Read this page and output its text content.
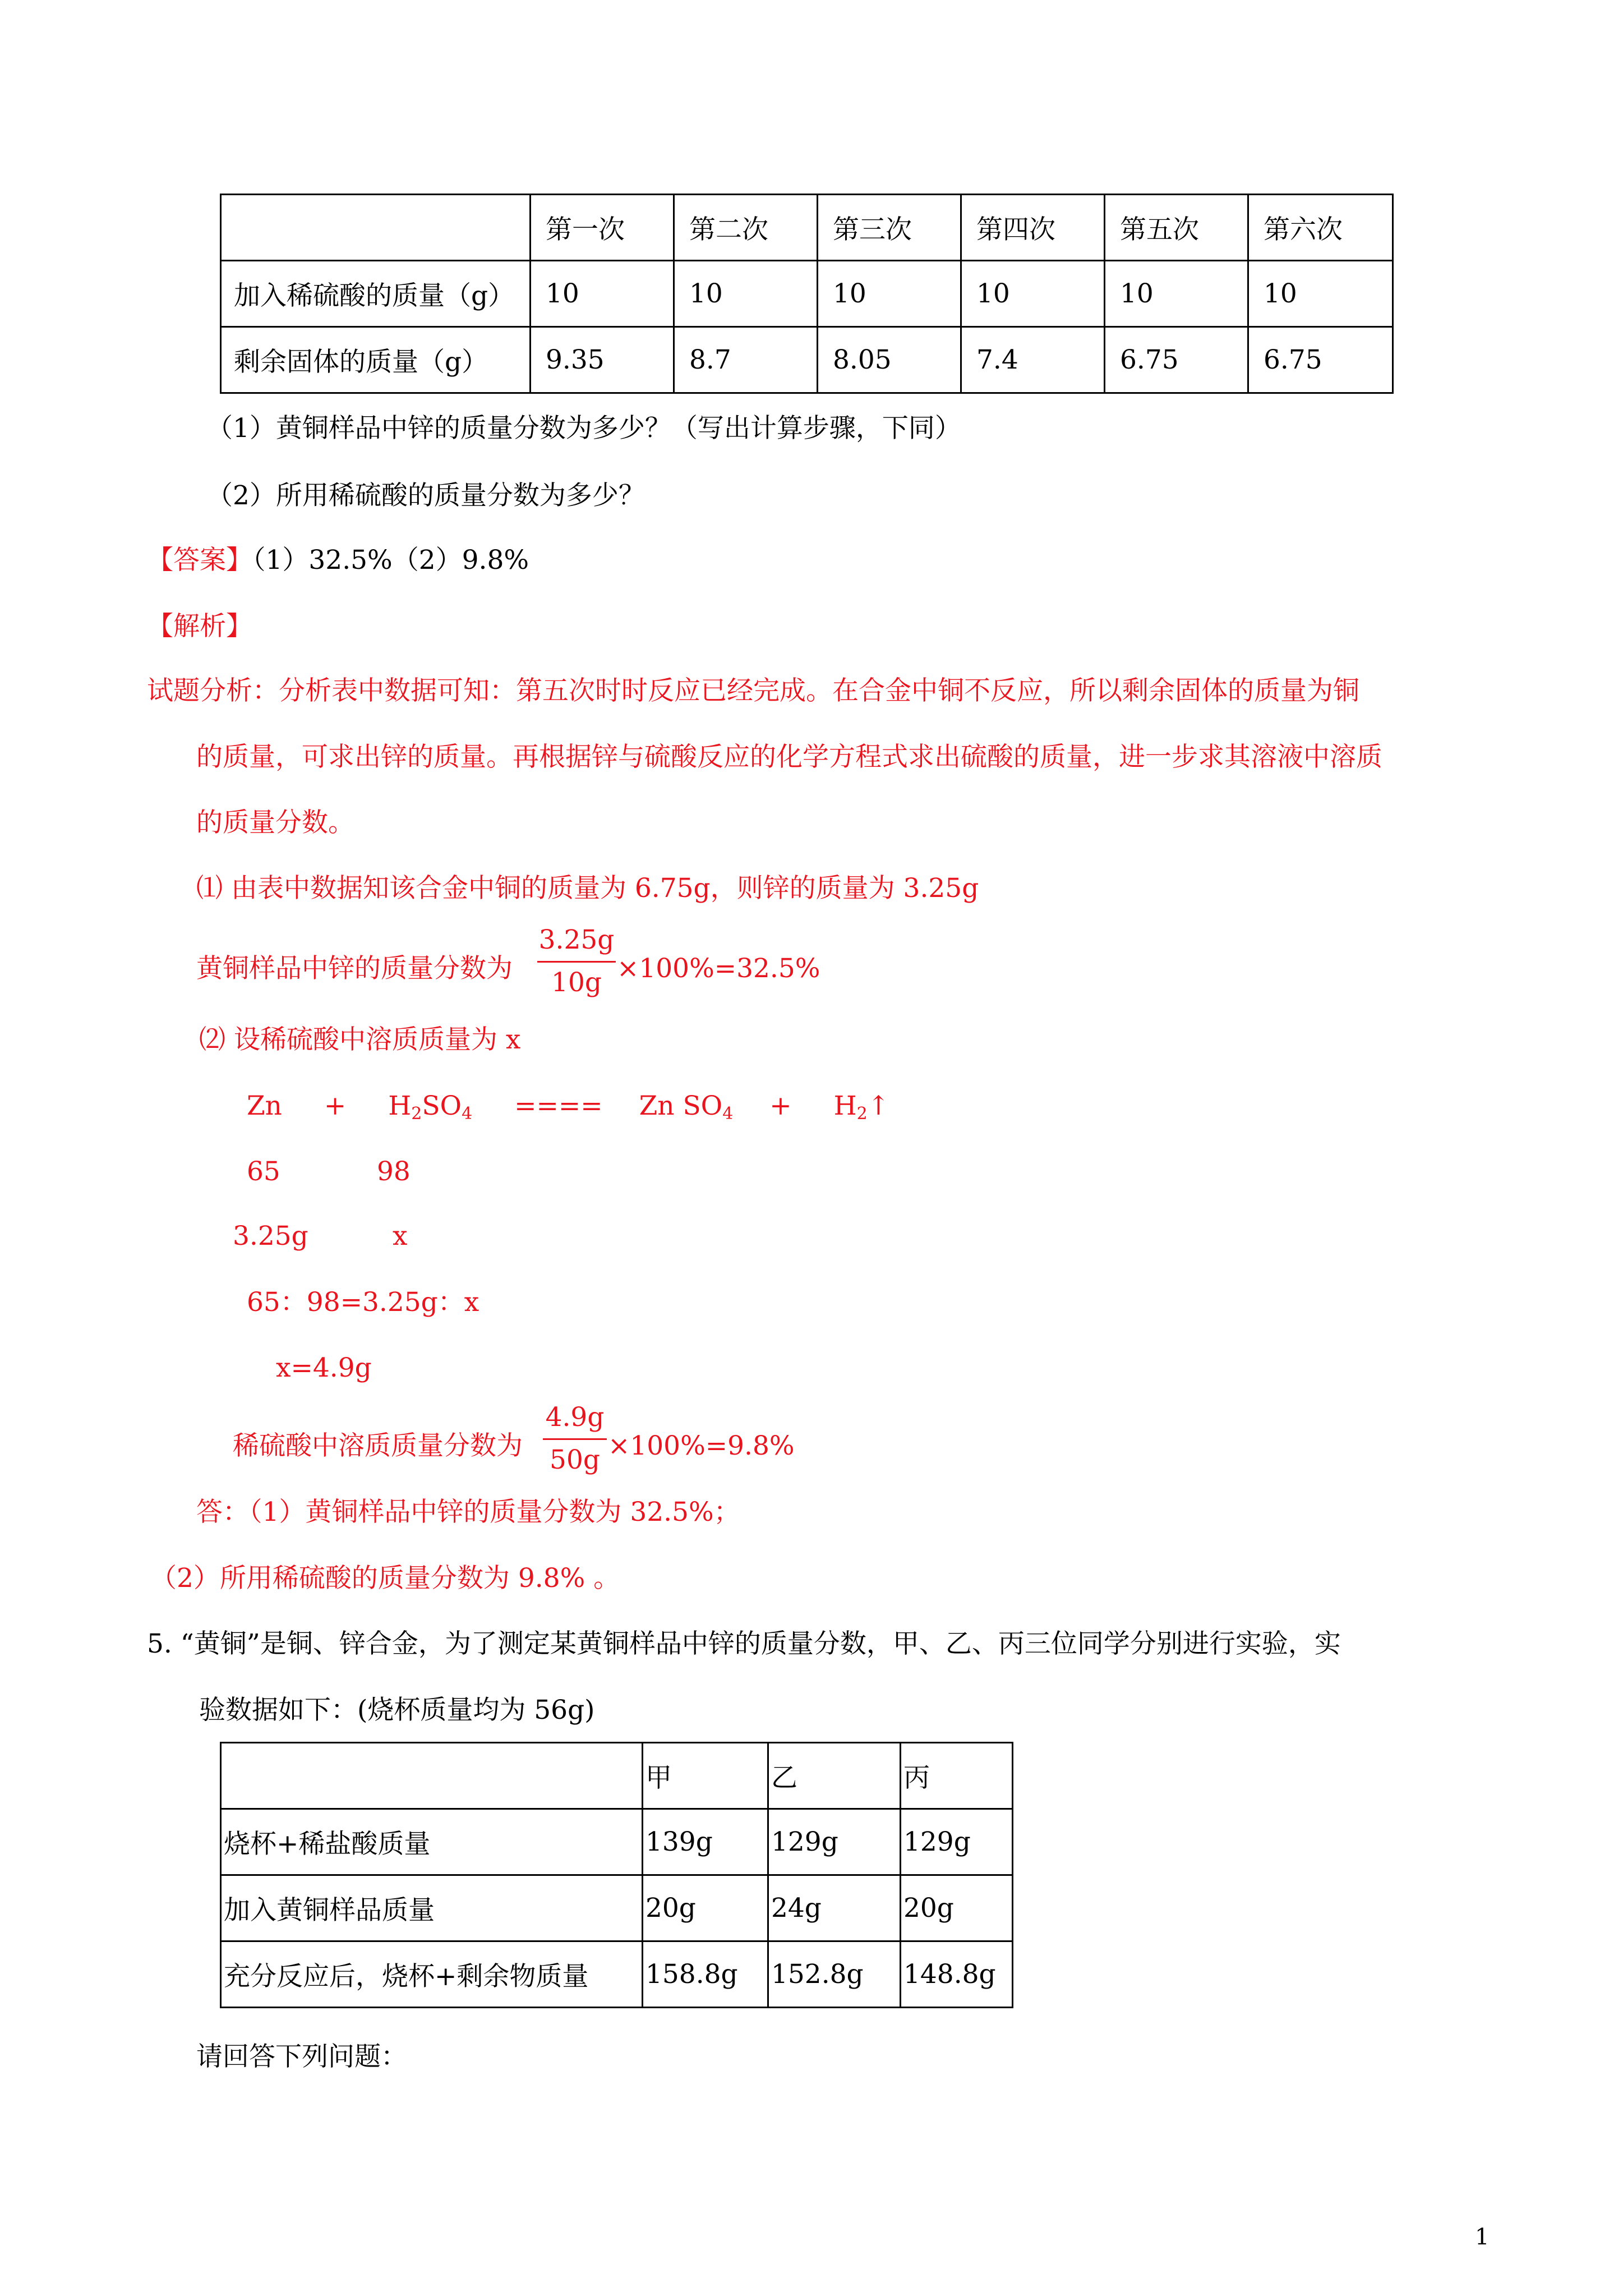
	第一次	第二次	第三次	第四次	第五次	第六次
加入稀硫酸的质量（g）	10	10	10	10	10	10
剩余固体的质量（g）	9.35	8.7	8.05	7.4	6.75	6.75
（1）黄铜样品中锌的质量分数为多少？（写出计算步骤，下同）
（2）所用稀硫酸的质量分数为多少？
【答案】（1）32.5%（2）9.8%
【解析】
试题分析：分析表中数据可知：第五次时时反应已经完成。在合金中铜不反应，所以剩余固体的质量为铜
的质量，可求出锌的质量。再根据锌与硫酸反应的化学方程式求出硫酸的质量，进一步求其溶液中溶质
的质量分数。
⑴ 由表中数据知该合金中铜的质量为 6.75g，则锌的质量为 3.25g
黄铜样品中锌的质量分数为
3.25g
10g ×100%=32.5%
⑵ 设稀硫酸中溶质质量为 x
$Zn + H_2SO_4$ ==== Zn $SO_4$ + $H_2↑$
65	98
3.25g	x
65：98=3.25g：x
x=4.9g
稀硫酸中溶质质量分数为
4.9g
50g ×100%=9.8%
答：（1）黄铜样品中锌的质量分数为 32.5%；
（2）所用稀硫酸的质量分数为 9.8% 。
5. “黄铜”是铜、锌合金，为了测定某黄铜样品中锌的质量分数，甲、乙、丙三位同学分别进行实验，实
验数据如下：(烧杯质量均为 56g)
	甲	乙	丙
烧杯+稀盐酸质量	139g	129g	129g
加入黄铜样品质量	20g	24g	20g
充分反应后，烧杯+剩余物质量	158.8g	152.8g	148.8g
请回答下列问题：
1
